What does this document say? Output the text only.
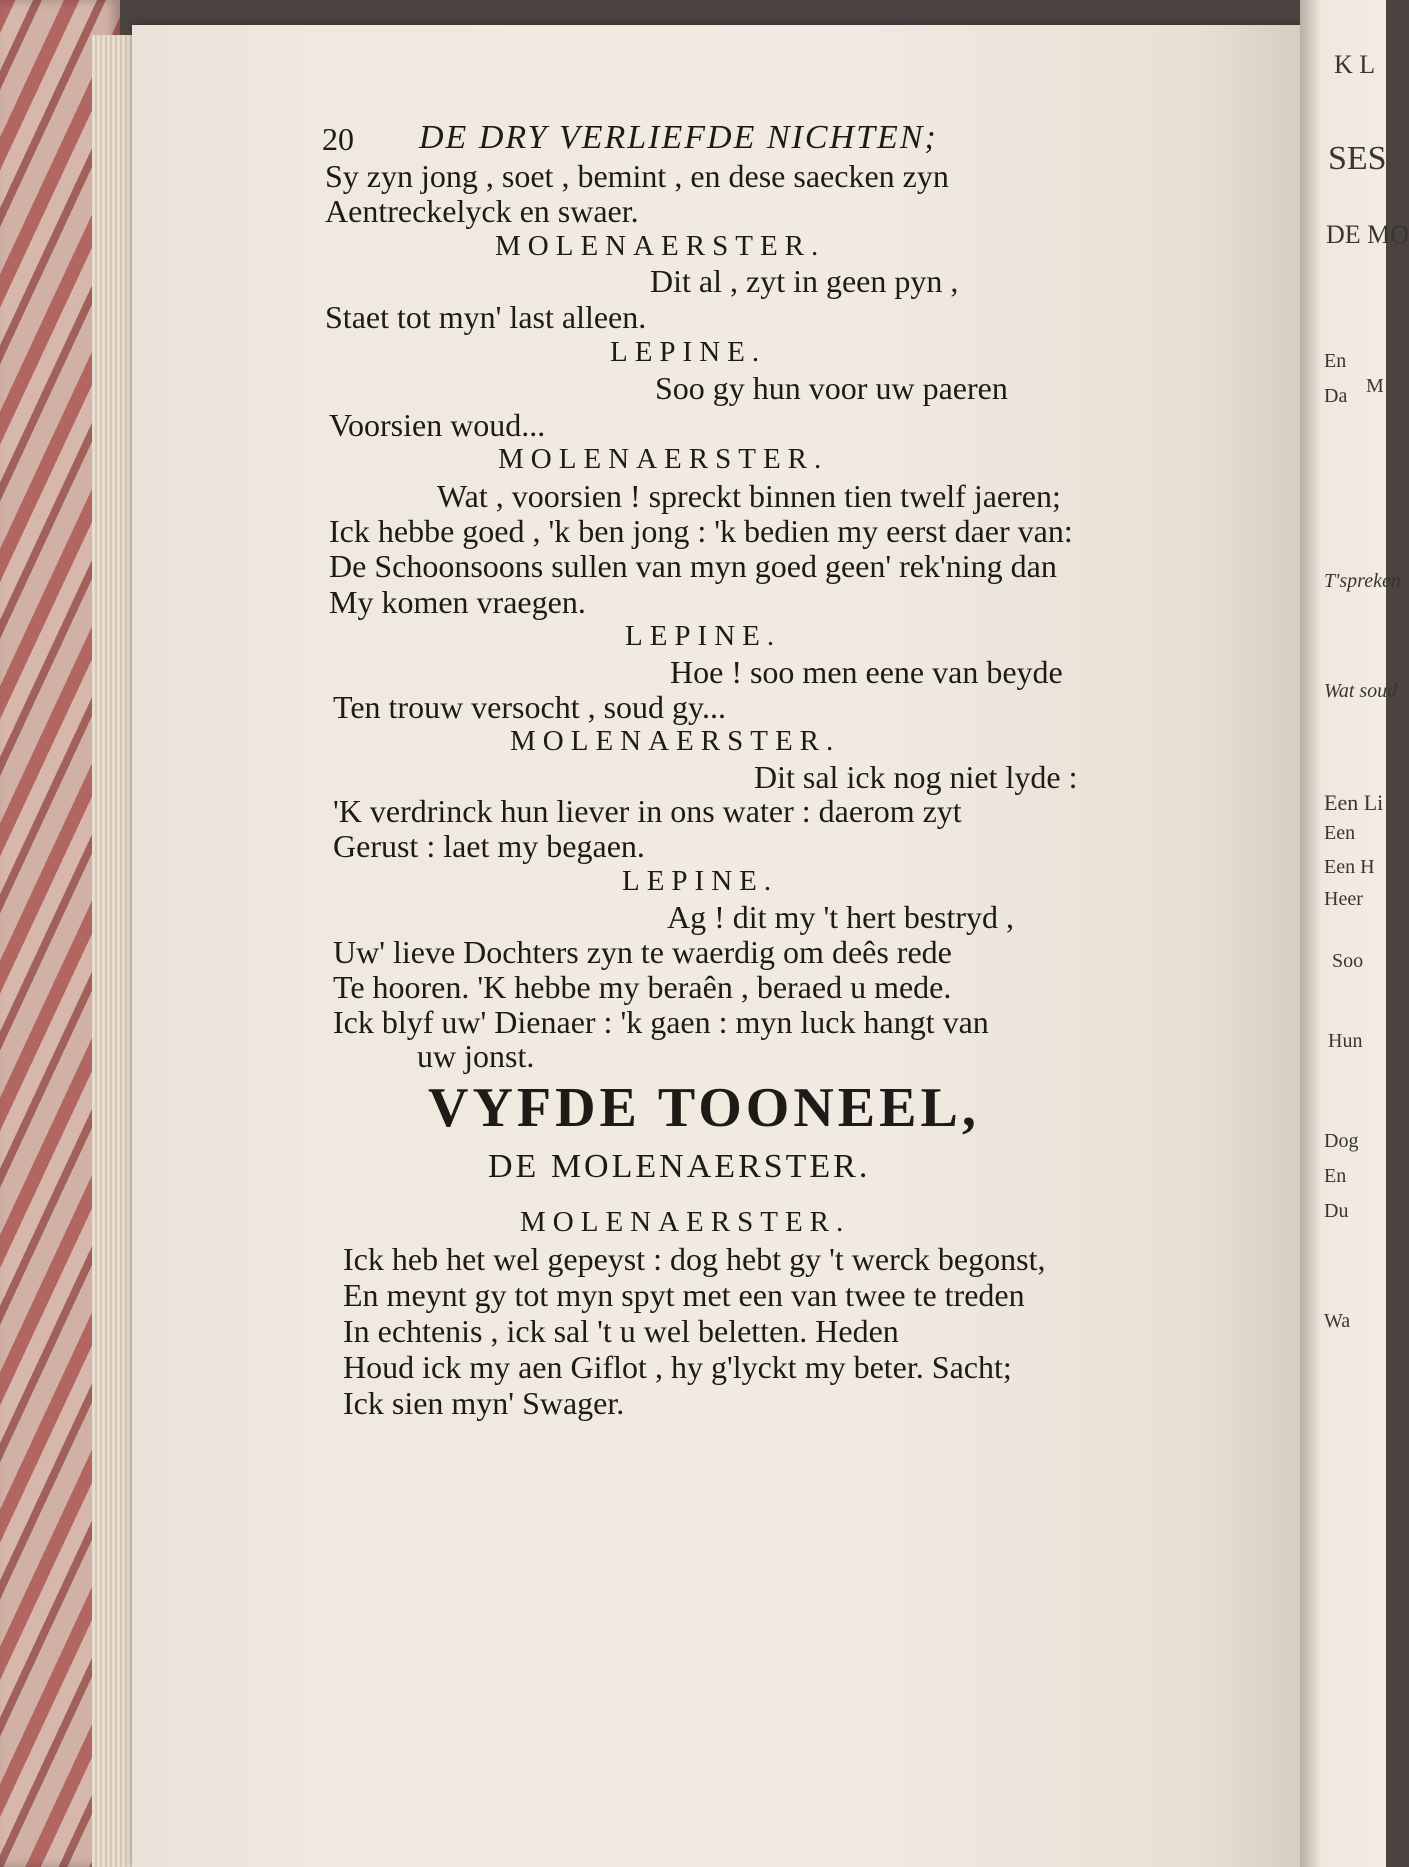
20 DE DRY VERLIEFDE NICHTEN;
Sy zyn jong , soet , bemint , en dese saecken zyn
Aentreckelyck en swaer.
MOLENAERSTER.
Dit al , zyt in geen pyn ,
Staet tot myn' last alleen.
LEPINE.
Soo gy hun voor uw paeren
Voorsien woud...
MOLENAERSTER.
Wat , voorsien ! spreckt binnen tien twelf jaeren;
Ick hebbe goed , 'k ben jong : 'k bedien my eerst daer van:
De Schoonsoons sullen van myn goed geen' rek'ning dan
My komen vraegen.
LEPINE.
Hoe ! soo men eene van beyde
Ten trouw versocht , soud gy...
MOLENAERSTER.
Dit sal ick nog niet lyde :
'K verdrinck hun liever in ons water : daerom zyt
Gerust : laet my begaen.
LEPINE.
Ag ! dit my 't hert bestryd ,
Uw' lieve Dochters zyn te waerdig om deês rede
Te hooren. 'K hebbe my beraên , beraed u mede.
Ick blyf uw' Dienaer : 'k gaen : myn luck hangt van
uw jonst.
VYFDE TOONEEL,
DE MOLENAERSTER.
MOLENAERSTER.
Ick heb het wel gepeyst : dog hebt gy 't werck begonst,
En meynt gy tot myn spyt met een van twee te treden
In echtenis , ick sal 't u wel beletten. Heden
Houd ick my aen Giflot , hy g'lyckt my beter. Sacht;
Ick sien myn' Swager.
K L
SES
DE MO
En
Da M
T'spreken
Wat soud
Een Li
Een
Een H
Heer
Soo
Hun
Dog
En
Du
Wa
